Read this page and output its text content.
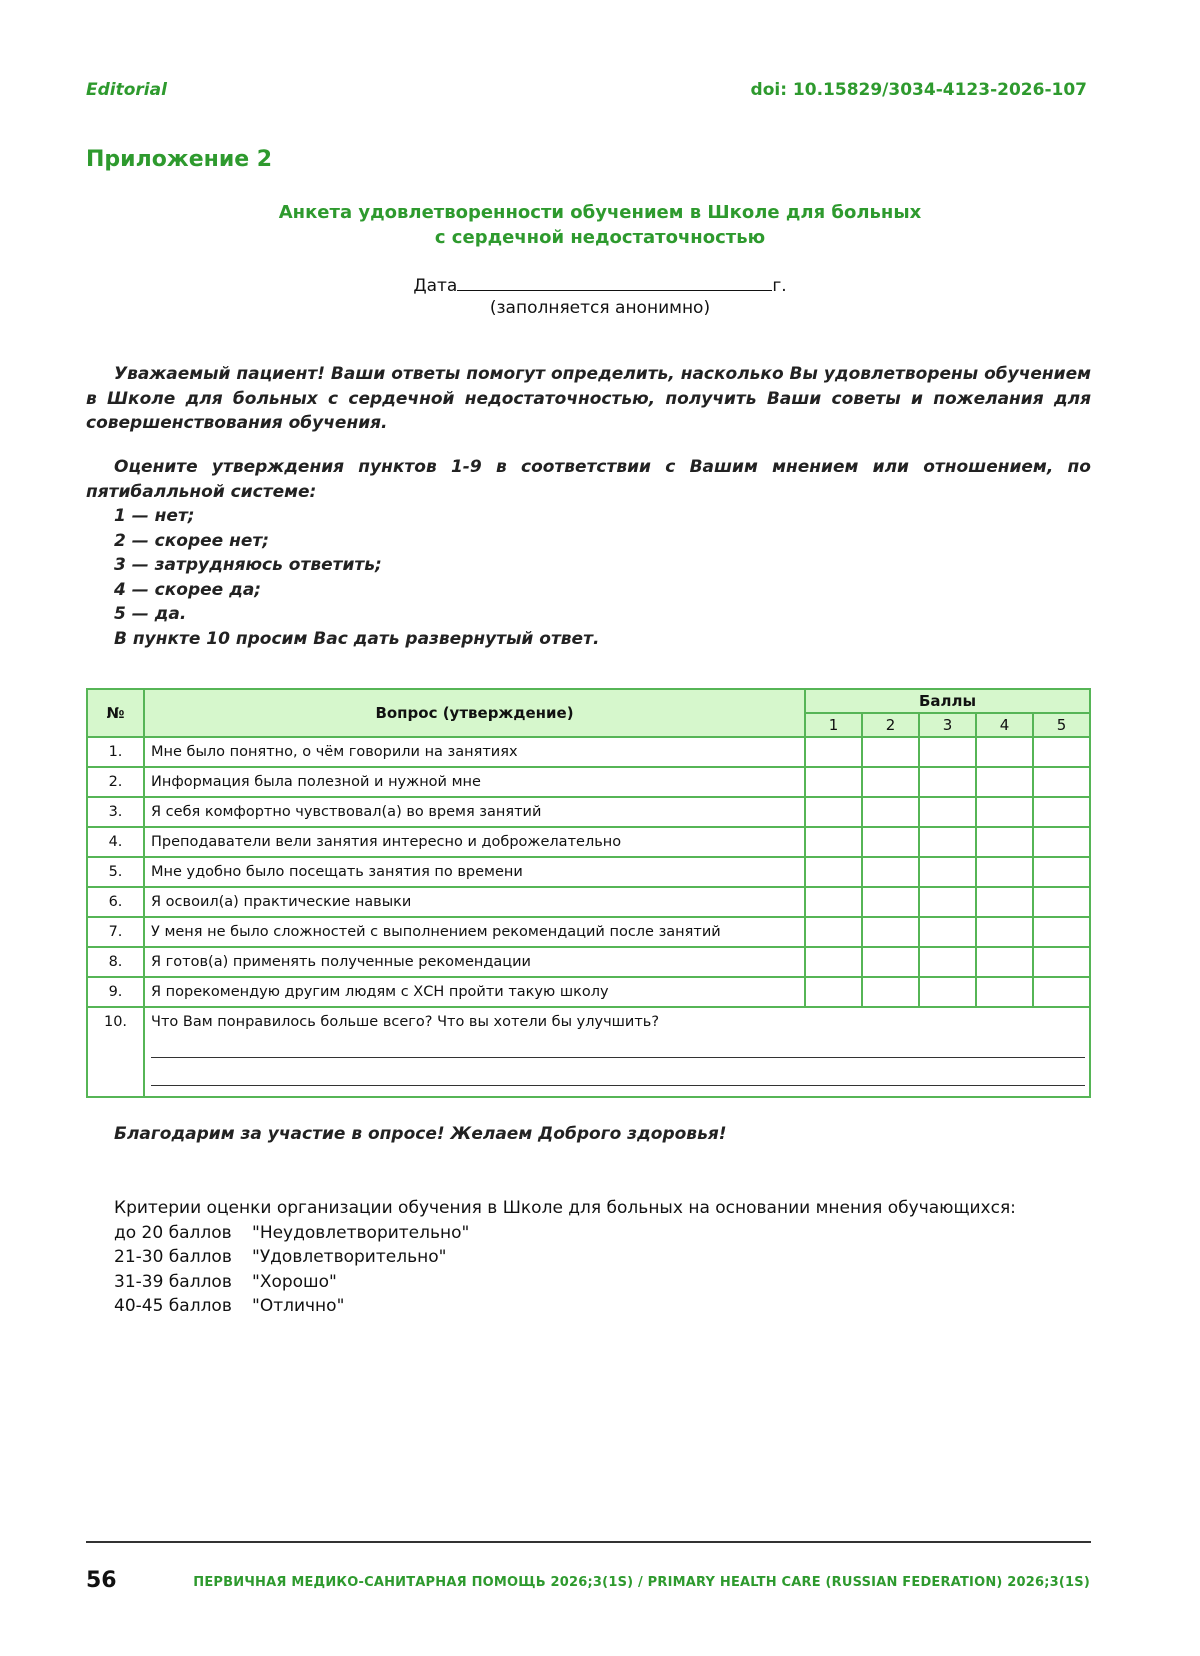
Editorial	doi: 10.15829/3034-4123-2026-107
Приложение 2
Анкета удовлетворенности обучением в Школе для больных
с сердечной недостаточностью
Дата	г.
(заполняется анонимно)

Уважаемый пациент! Ваши ответы помогут определить, насколько Вы удовлетворены обучением в Школе для больных с сердечной недостаточностью, получить Ваши советы и пожелания для совершенствования обучения.

Оцените утверждения пунктов 1-9 в соответствии с Вашим мнением или отношением, по пятибалльной системе:

1 — нет;
2 — скорее нет;
3 — затрудняюсь ответить;
4 — скорее да;
5 — да.
В пункте 10 просим Вас дать развернутый ответ.
№	Вопрос (утверждение)	Баллы				
		1	2	3	4	5
1.	Мне было понятно, о чём говорили на занятиях					
2.	Информация была полезной и нужной мне					
3.	Я себя комфортно чувствовал(а) во время занятий					
4.	Преподаватели вели занятия интересно и доброжелательно					
5.	Мне удобно было посещать занятия по времени					
6.	Я освоил(а) практические навыки					
7.	У меня не было сложностей с выполнением рекомендаций после занятий					
8.	Я готов(а) применять полученные рекомендации					
9.	Я порекомендую другим людям с ХСН пройти такую школу					
10.	Что Вам понравилось больше всего? Что вы хотели бы улучшить?					
Благодарим за участие в опросе! Желаем Доброго здоровья!
Критерии оценки организации обучения в Школе для больных на основании мнения обучающихся:
до 20 баллов "Неудовлетворительно"
21-30 баллов "Удовлетворительно"
31-39 баллов "Хорошо"
40-45 баллов "Отлично"
56	ПЕРВИЧНАЯ МЕДИКО-САНИТАРНАЯ ПОМОЩЬ 2026;3(1S) / PRIMARY HEALTH CARE (RUSSIAN FEDERATION) 2026;3(1S)
